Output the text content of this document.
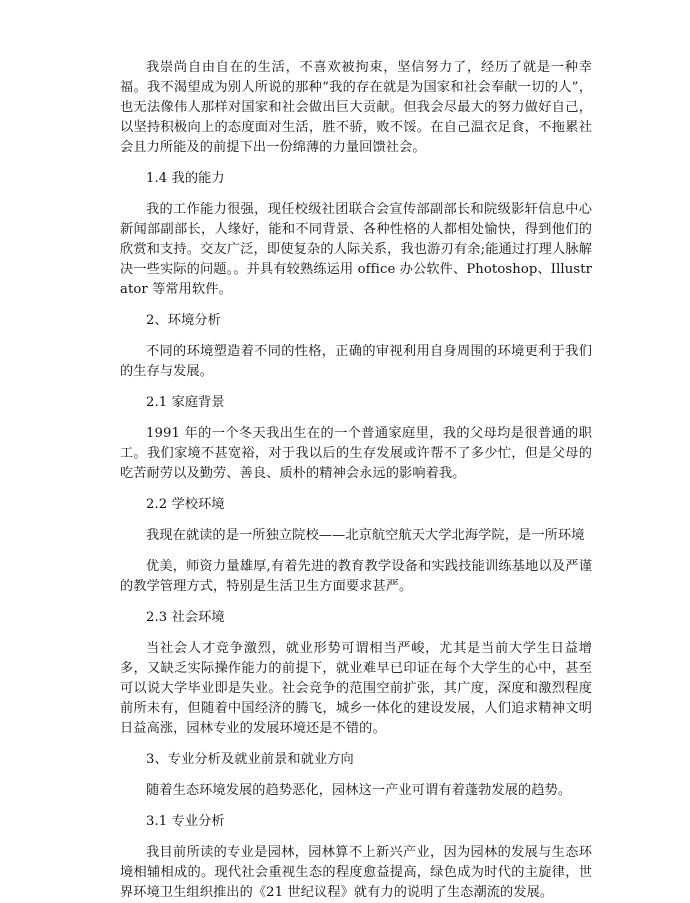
我崇尚自由自在的生活，不喜欢被拘束，坚信努力了，经历了就是一种幸福。我不渴望成为别人所说的那种“我的存在就是为国家和社会奉献一切的人”，也无法像伟人那样对国家和社会做出巨大贡献。但我会尽最大的努力做好自己，以坚持积极向上的态度面对生活，胜不骄，败不馁。在自己温衣足食，不拖累社会且力所能及的前提下出一份绵薄的力量回馈社会。

1.4 我的能力

我的工作能力很强，现任校级社团联合会宣传部副部长和院级影轩信息中心新闻部副部长，人缘好，能和不同背景、各种性格的人都相处愉快，得到他们的欣赏和支持。交友广泛，即使复杂的人际关系，我也游刃有余;能通过打理人脉解决一些实际的问题。。并具有较熟练运用 office 办公软件、Photoshop、Illustrator 等常用软件。

2、环境分析

不同的环境塑造着不同的性格，正确的审视利用自身周围的环境更利于我们的生存与发展。

2.1 家庭背景

1991 年的一个冬天我出生在的一个普通家庭里，我的父母均是很普通的职工。我们家境不甚宽裕，对于我以后的生存发展或许帮不了多少忙，但是父母的吃苦耐劳以及勤劳、善良、质朴的精神会永远的影响着我。

2.2 学校环境

我现在就读的是一所独立院校——北京航空航天大学北海学院，是一所环境

优美，师资力量雄厚,有着先进的教育教学设备和实践技能训练基地以及严谨的教学管理方式，特别是生活卫生方面要求甚严。

2.3 社会环境

当社会人才竞争激烈，就业形势可谓相当严峻，尤其是当前大学生日益增多，又缺乏实际操作能力的前提下，就业难早已印证在每个大学生的心中，甚至可以说大学毕业即是失业。社会竞争的范围空前扩张，其广度，深度和激烈程度前所未有，但随着中国经济的腾飞，城乡一体化的建设发展，人们追求精神文明日益高涨，园林专业的发展环境还是不错的。

3、专业分析及就业前景和就业方向

随着生态环境发展的趋势恶化，园林这一产业可谓有着蓬勃发展的趋势。

3.1 专业分析

我目前所读的专业是园林，园林算不上新兴产业，因为园林的发展与生态环境相辅相成的。现代社会重视生态的程度愈益提高，绿色成为时代的主旋律，世界环境卫生组织推出的《21 世纪议程》就有力的说明了生态潮流的发展。
